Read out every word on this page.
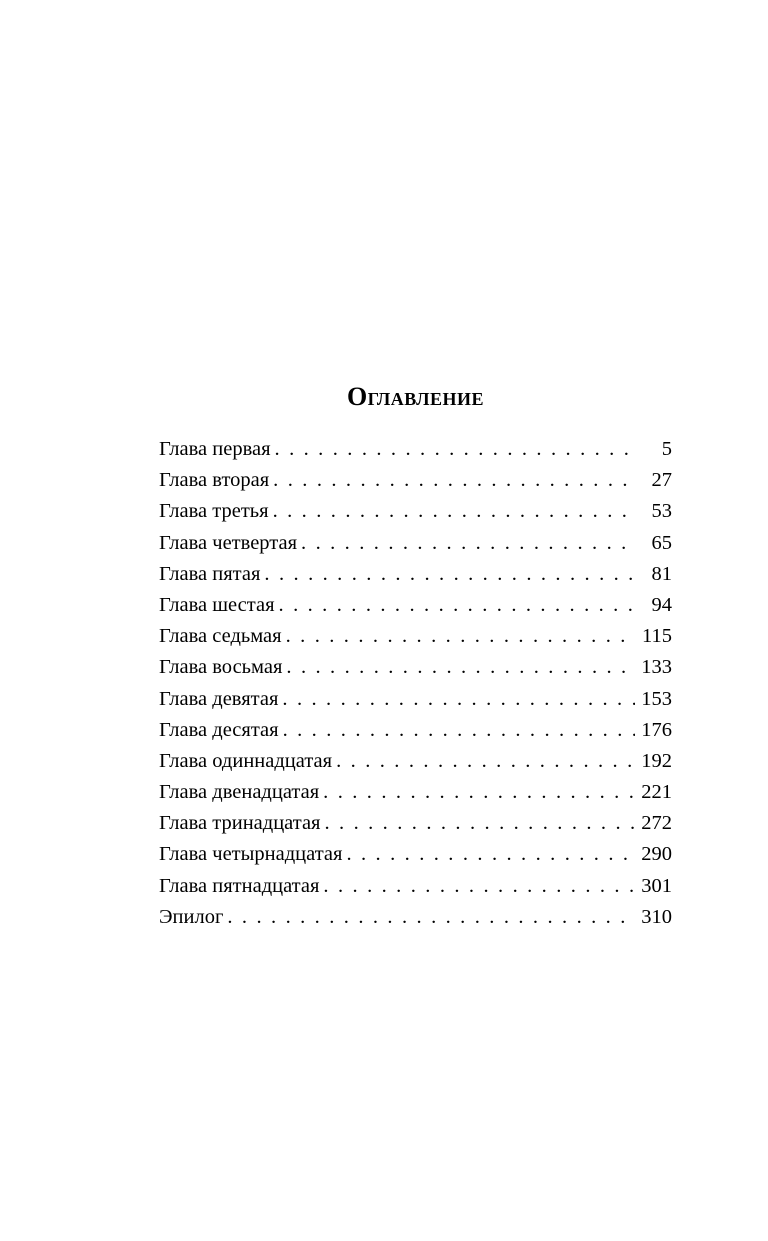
Оглавление
Глава первая . . .	5
Глава вторая . . .	27
Глава третья . . .	53
Глава четвертая . . .	65
Глава пятая . . .	81
Глава шестая . . .	94
Глава седьмая . . .	115
Глава восьмая . . .	133
Глава девятая . . .	153
Глава десятая . . .	176
Глава одиннадцатая . . .	192
Глава двенадцатая . . .	221
Глава тринадцатая . . .	272
Глава четырнадцатая . . .	290
Глава пятнадцатая . . .	301
Эпилог . . .	310
